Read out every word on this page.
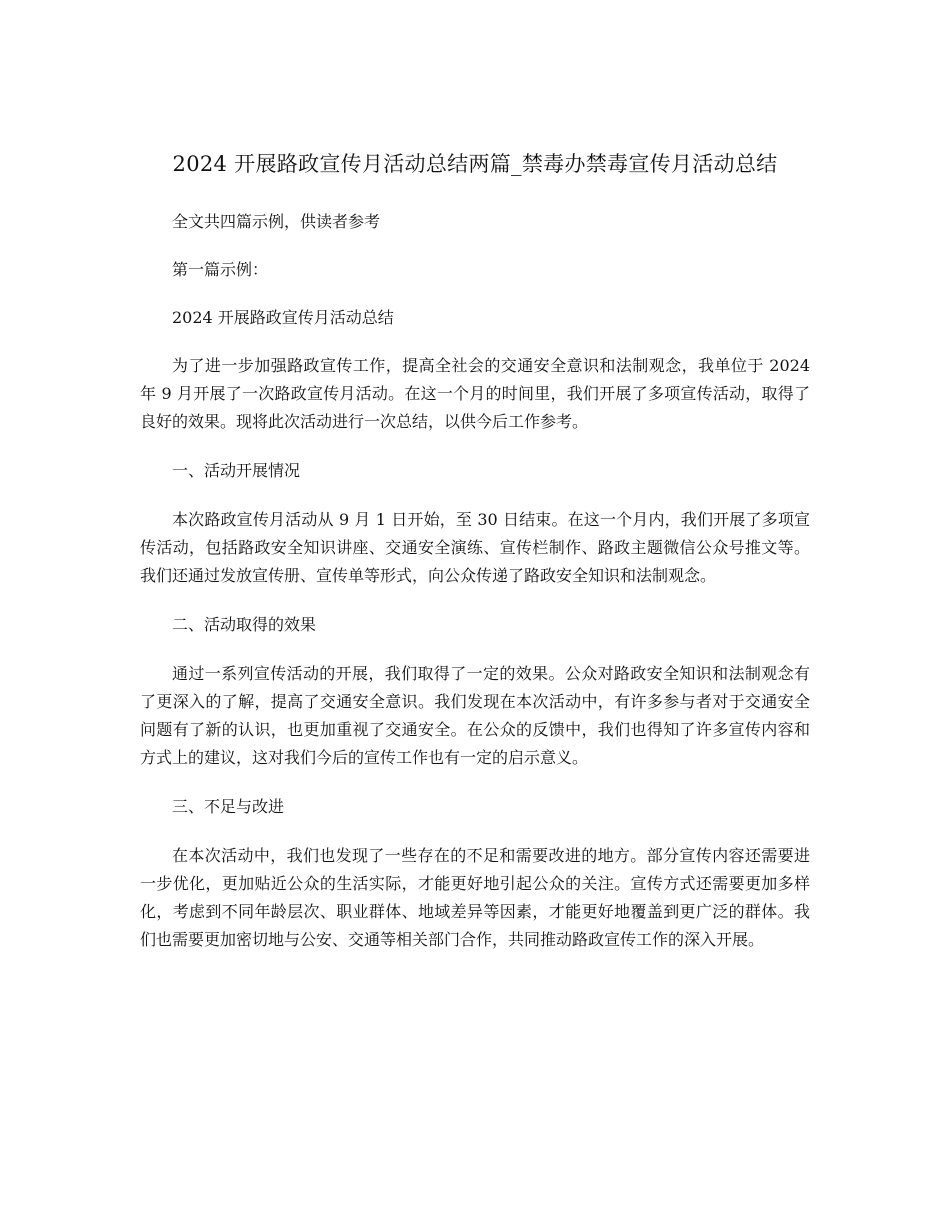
2024 开展路政宣传月活动总结两篇_禁毒办禁毒宣传月活动总结

全文共四篇示例，供读者参考

第一篇示例：

2024 开展路政宣传月活动总结

为了进一步加强路政宣传工作，提高全社会的交通安全意识和法制观念，我单位于 2024 年 9 月开展了一次路政宣传月活动。在这一个月的时间里，我们开展了多项宣传活动，取得了良好的效果。现将此次活动进行一次总结，以供今后工作参考。

一、活动开展情况

本次路政宣传月活动从 9 月 1 日开始，至 30 日结束。在这一个月内，我们开展了多项宣传活动，包括路政安全知识讲座、交通安全演练、宣传栏制作、路政主题微信公众号推文等。我们还通过发放宣传册、宣传单等形式，向公众传递了路政安全知识和法制观念。

二、活动取得的效果

通过一系列宣传活动的开展，我们取得了一定的效果。公众对路政安全知识和法制观念有了更深入的了解，提高了交通安全意识。我们发现在本次活动中，有许多参与者对于交通安全问题有了新的认识，也更加重视了交通安全。在公众的反馈中，我们也得知了许多宣传内容和方式上的建议，这对我们今后的宣传工作也有一定的启示意义。

三、不足与改进

在本次活动中，我们也发现了一些存在的不足和需要改进的地方。部分宣传内容还需要进一步优化，更加贴近公众的生活实际，才能更好地引起公众的关注。宣传方式还需要更加多样化，考虑到不同年龄层次、职业群体、地域差异等因素，才能更好地覆盖到更广泛的群体。我们也需要更加密切地与公安、交通等相关部门合作，共同推动路政宣传工作的深入开展。
